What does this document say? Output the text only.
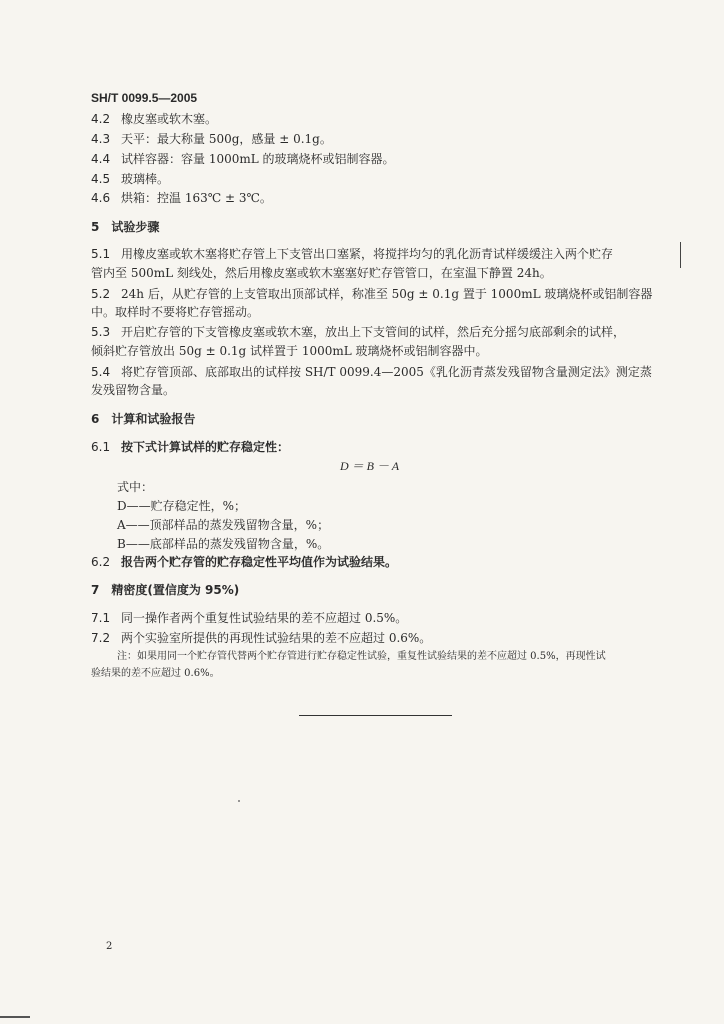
SH/T 0099.5—2005
4.2 橡皮塞或软木塞。
4.3 天平：最大称量 500g，感量 ± 0.1g。
4.4 试样容器：容量 1000mL 的玻璃烧杯或铝制容器。
4.5 玻璃棒。
4.6 烘箱：控温 163℃ ± 3℃。
5　试验步骤
5.1 用橡皮塞或软木塞将贮存管上下支管出口塞紧，将搅拌均匀的乳化沥青试样缓缓注入两个贮存
管内至 500mL 刻线处，然后用橡皮塞或软木塞塞好贮存管管口，在室温下静置 24h。
5.2 24h 后，从贮存管的上支管取出顶部试样，称准至 50g ± 0.1g 置于 1000mL 玻璃烧杯或铝制容器
中。取样时不要将贮存管摇动。
5.3 开启贮存管的下支管橡皮塞或软木塞，放出上下支管间的试样，然后充分摇匀底部剩余的试样，
倾斜贮存管放出 50g ± 0.1g 试样置于 1000mL 玻璃烧杯或铝制容器中。
5.4 将贮存管顶部、底部取出的试样按 SH/T 0099.4—2005《乳化沥青蒸发残留物含量测定法》测定蒸
发残留物含量。
6　计算和试验报告
6.1 按下式计算试样的贮存稳定性：
D ＝ B － A
式中：
D——贮存稳定性，%；
A——顶部样品的蒸发残留物含量，%；
B——底部样品的蒸发残留物含量，%。
6.2 报告两个贮存管的贮存稳定性平均值作为试验结果。
7　精密度(置信度为 95%)
7.1 同一操作者两个重复性试验结果的差不应超过 0.5%。
7.2 两个实验室所提供的再现性试验结果的差不应超过 0.6%。
注：如果用同一个贮存管代替两个贮存管进行贮存稳定性试验，重复性试验结果的差不应超过 0.5%，再现性试
验结果的差不应超过 0.6%。
2
